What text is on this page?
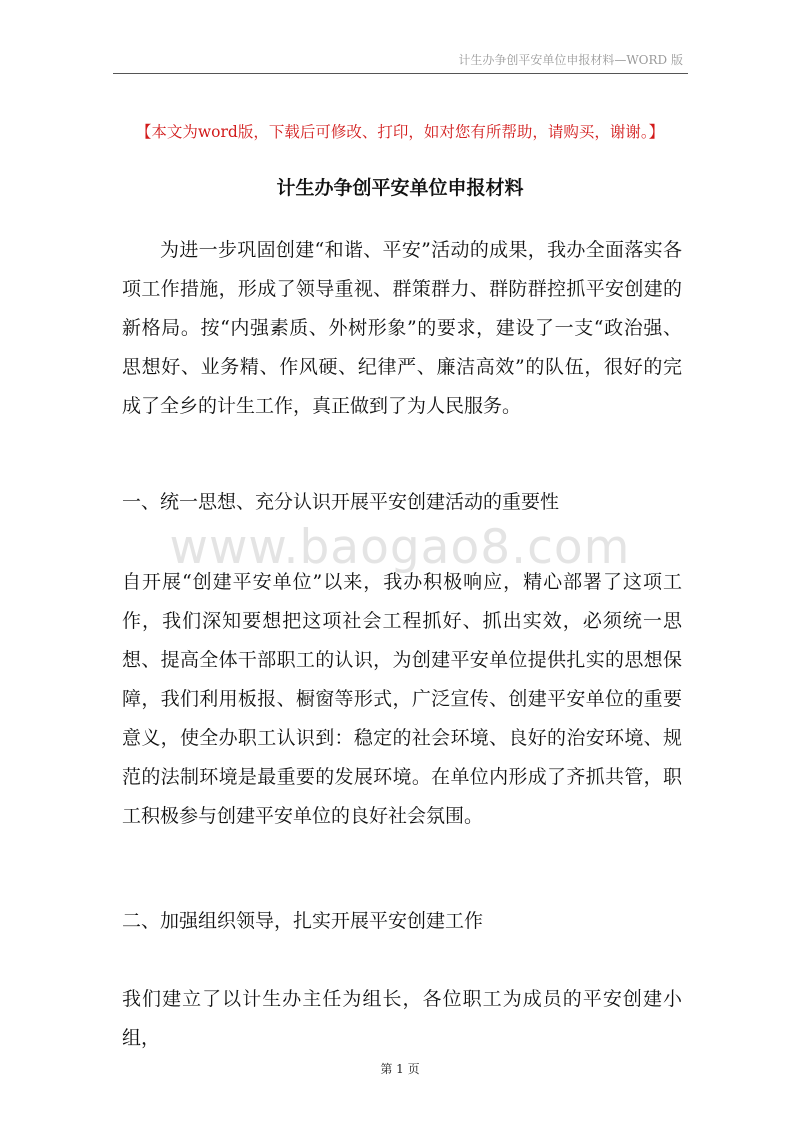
计生办争创平安单位申报材料—WORD 版
【本文为word版，下载后可修改、打印，如对您有所帮助，请购买，谢谢。】
计生办争创平安单位申报材料
为进一步巩固创建“和谐、平安”活动的成果，我办全面落实各项工作措施，形成了领导重视、群策群力、群防群控抓平安创建的新格局。按“内强素质、外树形象”的要求，建设了一支“政治强、思想好、业务精、作风硬、纪律严、廉洁高效”的队伍，很好的完成了全乡的计生工作，真正做到了为人民服务。
一、统一思想、充分认识开展平安创建活动的重要性
www.baogao8.com
自开展“创建平安单位”以来，我办积极响应，精心部署了这项工作，我们深知要想把这项社会工程抓好、抓出实效，必须统一思想、提高全体干部职工的认识，为创建平安单位提供扎实的思想保障，我们利用板报、橱窗等形式，广泛宣传、创建平安单位的重要意义，使全办职工认识到：稳定的社会环境、良好的治安环境、规范的法制环境是最重要的发展环境。在单位内形成了齐抓共管，职工积极参与创建平安单位的良好社会氛围。
二、加强组织领导，扎实开展平安创建工作
我们建立了以计生办主任为组长，各位职工为成员的平安创建小组，
第 1 页
